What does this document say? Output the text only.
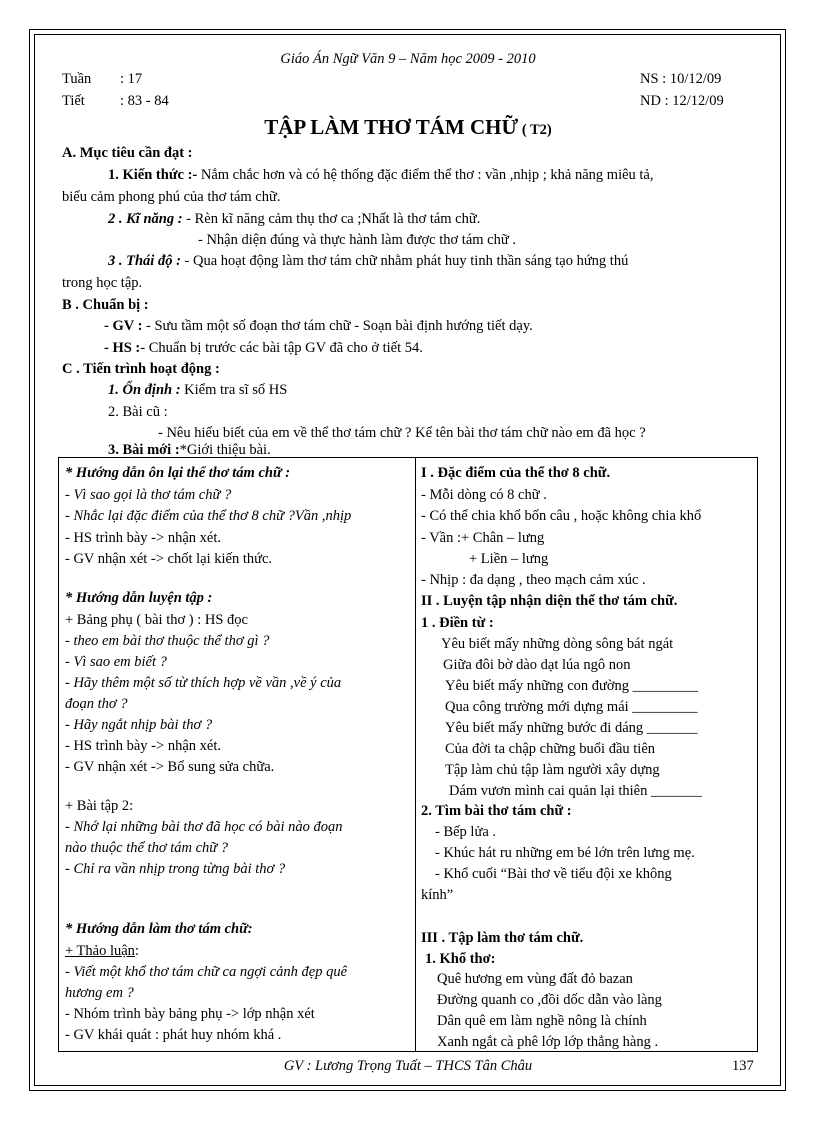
Giáo Án Ngữ Văn 9 – Năm học 2009 - 2010
Tuần : 17
Tiết : 83 - 84
NS : 10/12/09
ND : 12/12/09
TẬP LÀM THƠ TÁM CHỮ ( T2)
A. Mục tiêu cần đạt :
1. Kiến thức :- Nắm chắc hơn và có hệ thống đặc điểm thể thơ : vần ,nhịp ; khả năng miêu tả,
biểu cảm phong phú của thơ tám chữ.
2 . Kĩ năng : - Rèn kĩ năng cảm thụ thơ ca ;Nhất là thơ tám chữ.
- Nhận diện đúng và thực hành làm được thơ tám chữ .
3 . Thái độ : - Qua hoạt động làm thơ tám chữ nhằm phát huy tinh thần sáng tạo hứng thú
trong học tập.
B . Chuẩn bị :
- GV : - Sưu tầm một số đoạn thơ tám chữ - Soạn bài định hướng tiết dạy.
- HS :- Chuẩn bị trước các bài tập GV đã cho ở tiết 54.
C . Tiến trình hoạt động :
1. Ổn định : Kiểm tra sĩ số HS
2. Bài cũ :
- Nêu hiểu biết của em về thể thơ tám chữ ? Kể tên bài thơ tám chữ nào em đã học ?
3. Bài mới :*Giới thiệu bài.
* Hướng dẫn ôn lại thể thơ tám chữ :
- Vì sao gọi là thơ tám chữ ?
- Nhắc lại đặc điểm của thể thơ 8 chữ ?Vần ,nhịp
- HS trình bày -> nhận xét.
- GV nhận xét -> chốt lại kiến thức.
* Hướng dẫn luyện tập :
+ Bảng phụ ( bài thơ ) : HS đọc
- theo em bài thơ thuộc thể thơ gì ?
- Vì sao em biết ?
- Hãy thêm một số từ thích hợp về vần ,về ý của
đoạn thơ ?
- Hãy ngắt nhịp bài thơ ?
- HS trình bày -> nhận xét.
- GV nhận xét -> Bổ sung sửa chữa.
+ Bài tập 2:
- Nhớ lại những bài thơ đã học có bài nào đoạn
nào thuộc thể thơ tám chữ ?
- Chỉ ra vần nhịp trong từng bài thơ ?
* Hướng dẫn làm thơ tám chữ:
+ Thảo luận:
- Viết một khổ thơ tám chữ ca ngợi cảnh đẹp quê
hương em ?
- Nhóm trình bày bảng phụ -> lớp nhận xét
- GV khái quát : phát huy nhóm khá .
I . Đặc điểm của thể thơ 8 chữ.
- Mỗi dòng có 8 chữ .
- Có thể chia khổ bốn câu , hoặc không chia khổ
- Vần :+ Chân – lưng
+ Liền – lưng
- Nhịp : đa dạng , theo mạch cảm xúc .
II . Luyện tập nhận diện thể thơ tám chữ.
1 . Điền từ :
Yêu biết mấy những dòng sông bát ngát
Giữa đôi bờ dào dạt lúa ngô non
Yêu biết mấy những con đường _________
Qua công trường mới dựng mái _________
Yêu biết mấy những bước đi dáng _______
Của đời ta chập chững buổi đầu tiên
Tập làm chủ tập làm người xây dựng
Dám vươn mình cai quản lại thiên _______
2. Tìm bài thơ tám chữ :
- Bếp lửa .
- Khúc hát ru những em bé lớn trên lưng mẹ.
- Khổ cuối “Bài thơ về tiểu đội xe không
kính”
III . Tập làm thơ tám chữ.
1. Khổ thơ:
Quê hương em vùng đất đỏ bazan
Đường quanh co ,đồi dốc dẫn vào làng
Dân quê em làm nghề nông là chính
Xanh ngắt cà phê lớp lớp thẳng hàng .
GV : Lương Trọng Tuất – THCS Tân Châu	137
